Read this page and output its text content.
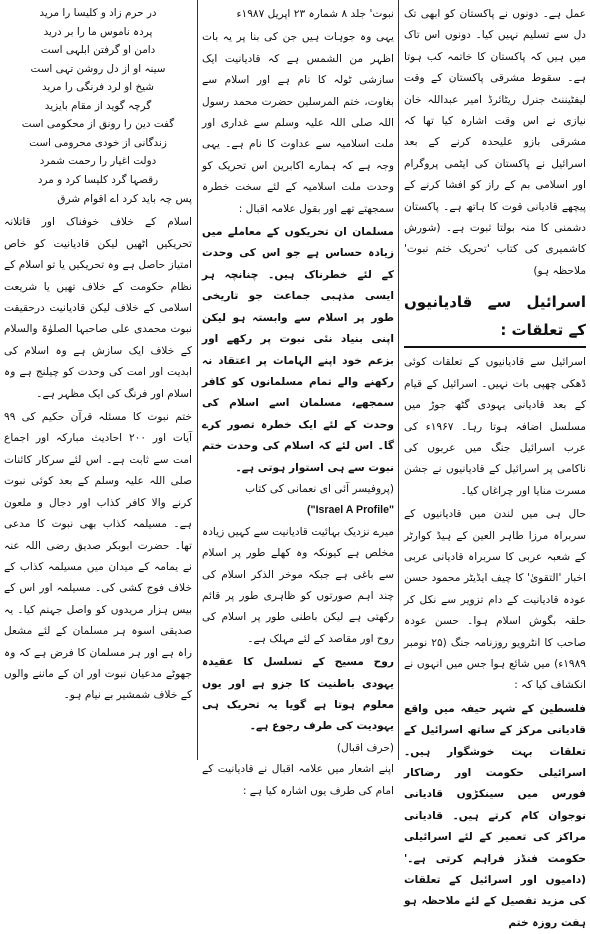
عمل ہے۔ دونوں نے پاکستان کو ابھی تک دل سے تسلیم نہیں کیا۔ دونوں اس تاک میں ہیں کہ پاکستان کا خاتمہ کب ہوتا ہے۔ سقوط مشرقی پاکستان کے وقت لیفٹیننٹ جنرل ریٹائرڈ امیر عبداللہ خان نیازی نے اس وقت اشارہ کیا تھا کہ مشرقی بازو علیحدہ کرنے کے بعد اسرائیل نے پاکستان کی ایٹمی پروگرام اور اسلامی بم کے راز کو افشا کرنے کے پیچھے قادیانی قوت کا ہاتھ ہے۔ پاکستان دشمنی کا منہ بولتا ثبوت ہے۔ (شورش کاشمیری کی کتاب 'تحریک ختم نبوت' ملاحظہ ہو)

اسرائیل سے قادیانیوں کے تعلقات :

اسرائیل سے قادیانیوں کے تعلقات کوئی ڈھکی چھپی بات نہیں۔ اسرائیل کے قیام کے بعد قادیانی یہودی گٹھ جوڑ میں مسلسل اضافہ ہوتا رہا۔ ۱۹۶۷ء کی عرب اسرائیل جنگ میں عربوں کی ناکامی پر اسرائیل کے قادیانیوں نے جشن مسرت منایا اور چراغاں کیا۔

حال ہی میں لندن میں قادیانیوں کے سربراہ مرزا طاہر العین کے ہیڈ کوارٹر کے شعبہ عربی کا سربراہ قادیانی عربی اخبار 'التقویٰ' کا چیف ایڈیٹر محمود حسن عودہ قادیانیت کے دام تزویر سے نکل کر حلقہ بگوش اسلام ہوا۔ حسن عودہ صاحب کا انٹرویو روزنامہ جنگ (۲۵ نومبر ۱۹۸۹ء) میں شائع ہوا جس میں انہوں نے انکشاف کیا کہ :

فلسطین کے شہر حیفہ میں واقع قادیانی مرکز کے ساتھ اسرائیل کے تعلقات بہت خوشگوار ہیں۔ اسرائیلی حکومت اور رضاکار فورس میں سینکڑوں قادیانی نوجوان کام کرتے ہیں۔ قادیانی مراکز کی تعمیر کے لئے اسرائیلی حکومت فنڈز فراہم کرتی ہے۔' (دامیوں اور اسرائیل کے تعلقات کی مزید تفصیل کے لئے ملاحظہ ہو ہفت روزہ ختم

نبوت' جلد ۸ شمارہ ۲۳ اپریل ۱۹۸۷ء

یہی وہ جوہات ہیں جن کی بنا پر یہ بات اظہر من الشمس ہے کہ قادیانیت ایک سازشی ٹولہ کا نام ہے اور اسلام سے بغاوت، ختم المرسلین حضرت محمد رسول اللہ صلی اللہ علیہ وسلم سے غداری اور ملت اسلامیہ سے عداوت کا نام ہے۔ یہی وجہ ہے کہ ہمارے اکابرین اس تحریک کو وحدت ملت اسلامیہ کے لئے سخت خطرہ سمجھتے تھے اور بقول علامہ اقبال :

مسلمان ان تحریکوں کے معاملے میں زیادہ حساس ہے جو اس کی وحدت کے لئے خطرناک ہیں۔ چنانچہ ہر ایسی مذہبی جماعت جو تاریخی طور پر اسلام سے وابستہ ہو لیکن اپنی بنیاد نئی نبوت پر رکھے اور بزعم خود اپنے الہامات پر اعتقاد نہ رکھنے والے تمام مسلمانوں کو کافر سمجھے، مسلمان اسے اسلام کی وحدت کے لئے ایک خطرہ تصور کرے گا۔ اس لئے کہ اسلام کی وحدت ختم نبوت سے ہی استوار ہوتی ہے۔

(پروفیسر آئی ای نعمانی کی کتاب

("Israel A Profile"

میرے نزدیک بہائیت قادیانیت سے کہیں زیادہ مخلص ہے کیونکہ وہ کھلے طور پر اسلام سے باغی ہے جبکہ موخر الذکر اسلام کی چند اہم صورتوں کو ظاہری طور پر قائم رکھتی ہے لیکن باطنی طور پر اسلام کی روح اور مقاصد کے لئے مہلک ہے۔

روح مسیح کے تسلسل کا عقیدہ یہودی باطنیت کا جزو ہے اور یوں معلوم ہوتا ہے گویا یہ تحریک ہی یہودیت کی طرف رجوع ہے۔

(حرف اقبال)

اپنے اشعار میں علامہ اقبال نے قادیانیت کے امام کی طرف یوں اشارہ کیا ہے :

در حرم زاد و کلیسا را مرید
پردہ ناموس ما را بر درید
دامن او گرفتن ابلہی است
سینہ او از دل روشن تہی است
شیخ او لرد فرنگی را مرید
گرچہ گوید از مقام بایزید
گفت دین را رونق از محکومی است
زندگانی از خودی محرومی است
دولت اغیار را رحمت شمرد
رقصہا گرد کلیسا کرد و مرد

پس چہ باید کرد اے اقوام شرق

اسلام کے خلاف خوفناک اور قاتلانہ تحریکیں اٹھیں لیکن قادیانیت کو خاص امتیاز حاصل ہے وہ تحریکیں یا تو اسلام کے نظام حکومت کے خلاف تھیں یا شریعت اسلامی کے خلاف لیکن قادیانیت درحقیقت نبوت محمدی علی صاحبہا الصلوٰۃ والسلام کے خلاف ایک سازش ہے وہ اسلام کی ابدیت اور امت کی وحدت کو چیلنج ہے وہ اسلام اور فرنگ کی ایک مظہر ہے۔

ختم نبوت کا مسئلہ قرآن حکیم کی ۹۹ آیات اور ۲۰۰ احادیث مبارکہ اور اجماع امت سے ثابت ہے۔ اس لئے سرکار کائنات صلی اللہ علیہ وسلم کے بعد کوئی نبوت کرنے والا کافر کذاب اور دجال و ملعون ہے۔ مسیلمہ کذاب بھی نبوت کا مدعی تھا۔ حضرت ابوبکر صدیق رضی اللہ عنہ نے یمامہ کے میدان میں مسیلمہ کذاب کے خلاف فوج کشی کی۔ مسیلمہ اور اس کے بیس ہزار مریدوں کو واصل جہنم کیا۔ یہ صدیقی اسوہ ہر مسلمان کے لئے مشعل راہ ہے اور ہر مسلمان کا فرض ہے کہ وہ جھوٹے مدعیان نبوت اور ان کے ماننے والوں کے خلاف شمشیر بے نیام ہو۔
